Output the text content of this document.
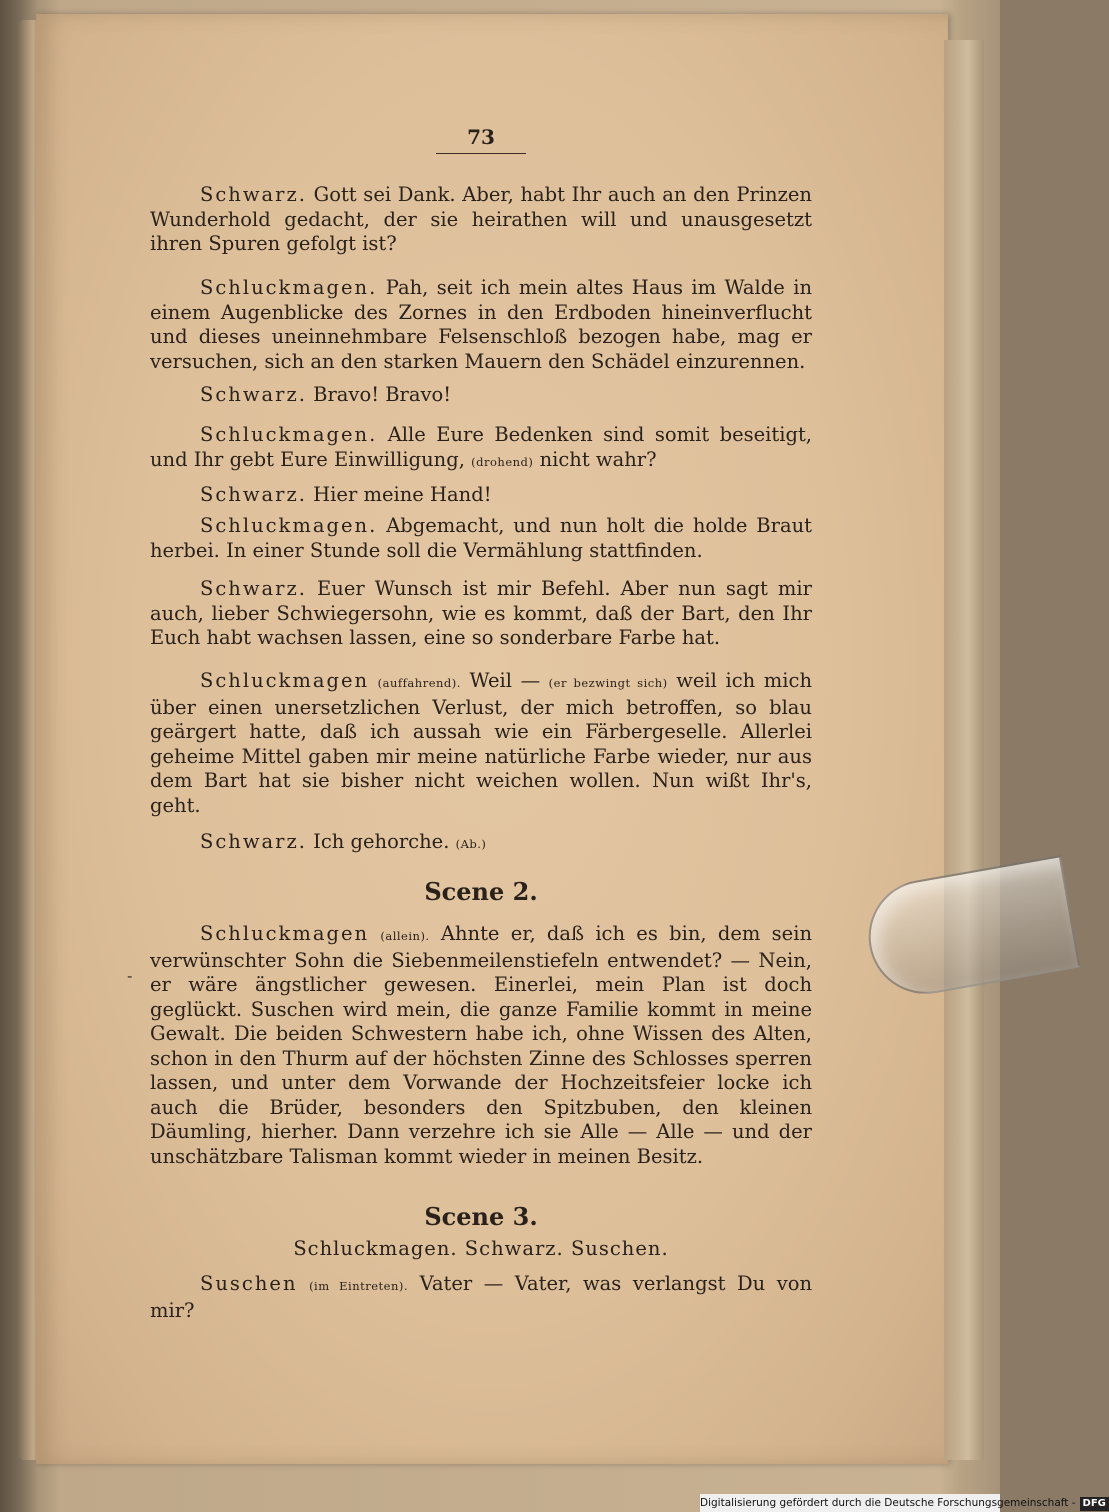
73

Schwarz. Gott sei Dank. Aber, habt Ihr auch an den Prinzen Wunderhold gedacht, der sie heirathen will und unausgesetzt ihren Spuren gefolgt ist?

Schluckmagen. Pah, seit ich mein altes Haus im Walde in einem Augenblicke des Zornes in den Erdboden hineinverflucht und dieses uneinnehmbare Felsenschloß bezogen habe, mag er versuchen, sich an den starken Mauern den Schädel einzurennen.

Schwarz. Bravo! Bravo!

Schluckmagen. Alle Eure Bedenken sind somit beseitigt, und Ihr gebt Eure Einwilligung, (drohend) nicht wahr?

Schwarz. Hier meine Hand!

Schluckmagen. Abgemacht, und nun holt die holde Braut herbei. In einer Stunde soll die Vermählung stattfinden.

Schwarz. Euer Wunsch ist mir Befehl. Aber nun sagt mir auch, lieber Schwiegersohn, wie es kommt, daß der Bart, den Ihr Euch habt wachsen lassen, eine so sonderbare Farbe hat.

Schluckmagen (auffahrend). Weil — (er bezwingt sich) weil ich mich über einen unersetzlichen Verlust, der mich betroffen, so blau geärgert hatte, daß ich aussah wie ein Färbergeselle. Allerlei geheime Mittel gaben mir meine natürliche Farbe wieder, nur aus dem Bart hat sie bisher nicht weichen wollen. Nun wißt Ihr's, geht.

Schwarz. Ich gehorche. (Ab.)

Scene 2.

Schluckmagen (allein). Ahnte er, daß ich es bin, dem sein verwünschter Sohn die Siebenmeilenstiefeln entwendet? — Nein, er wäre ängstlicher gewesen. Einerlei, mein Plan ist doch geglückt. Suschen wird mein, die ganze Familie kommt in meine Gewalt. Die beiden Schwestern habe ich, ohne Wissen des Alten, schon in den Thurm auf der höchsten Zinne des Schlosses sperren lassen, und unter dem Vorwande der Hochzeitsfeier locke ich auch die Brüder, besonders den Spitzbuben, den kleinen Däumling, hierher. Dann verzehre ich sie Alle — Alle — und der unschätzbare Talisman kommt wieder in meinen Besitz.

-
Scene 3.
Schluckmagen. Schwarz. Suschen.

Suschen (im Eintreten). Vater — Vater, was verlangst Du von mir?

Digitalisierung gefördert durch die Deutsche Forschungsgemeinschaft - DFG
